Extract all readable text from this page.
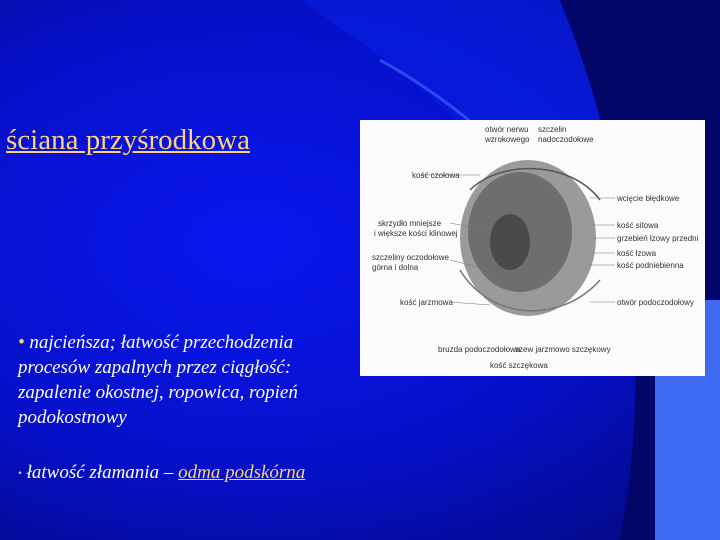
ściana przyśrodkowa	otwór nerwu
wzrokowego
szczelin
nadoczodołowe
kość czołowa
skrzydło mniejsze
i większe kości klinowej
szczeliny oczodołowe
górna i dolna
kość jarzmowa
wcięcie błędkowe
kość sitowa
grzebień łzowy przedni
kość łzowa
kość podniebienna
otwór podoczodołowy
bruzda podoczodołowa
szew jarzmowo szczękowy
kość szczękowa
• najcieńsza; łatwość przechodzenia
procesów zapalnych przez ciągłość:
zapalenie okostnej, ropowica, ropień
podokostnowy
• łatwość złamania – odma podskórna
